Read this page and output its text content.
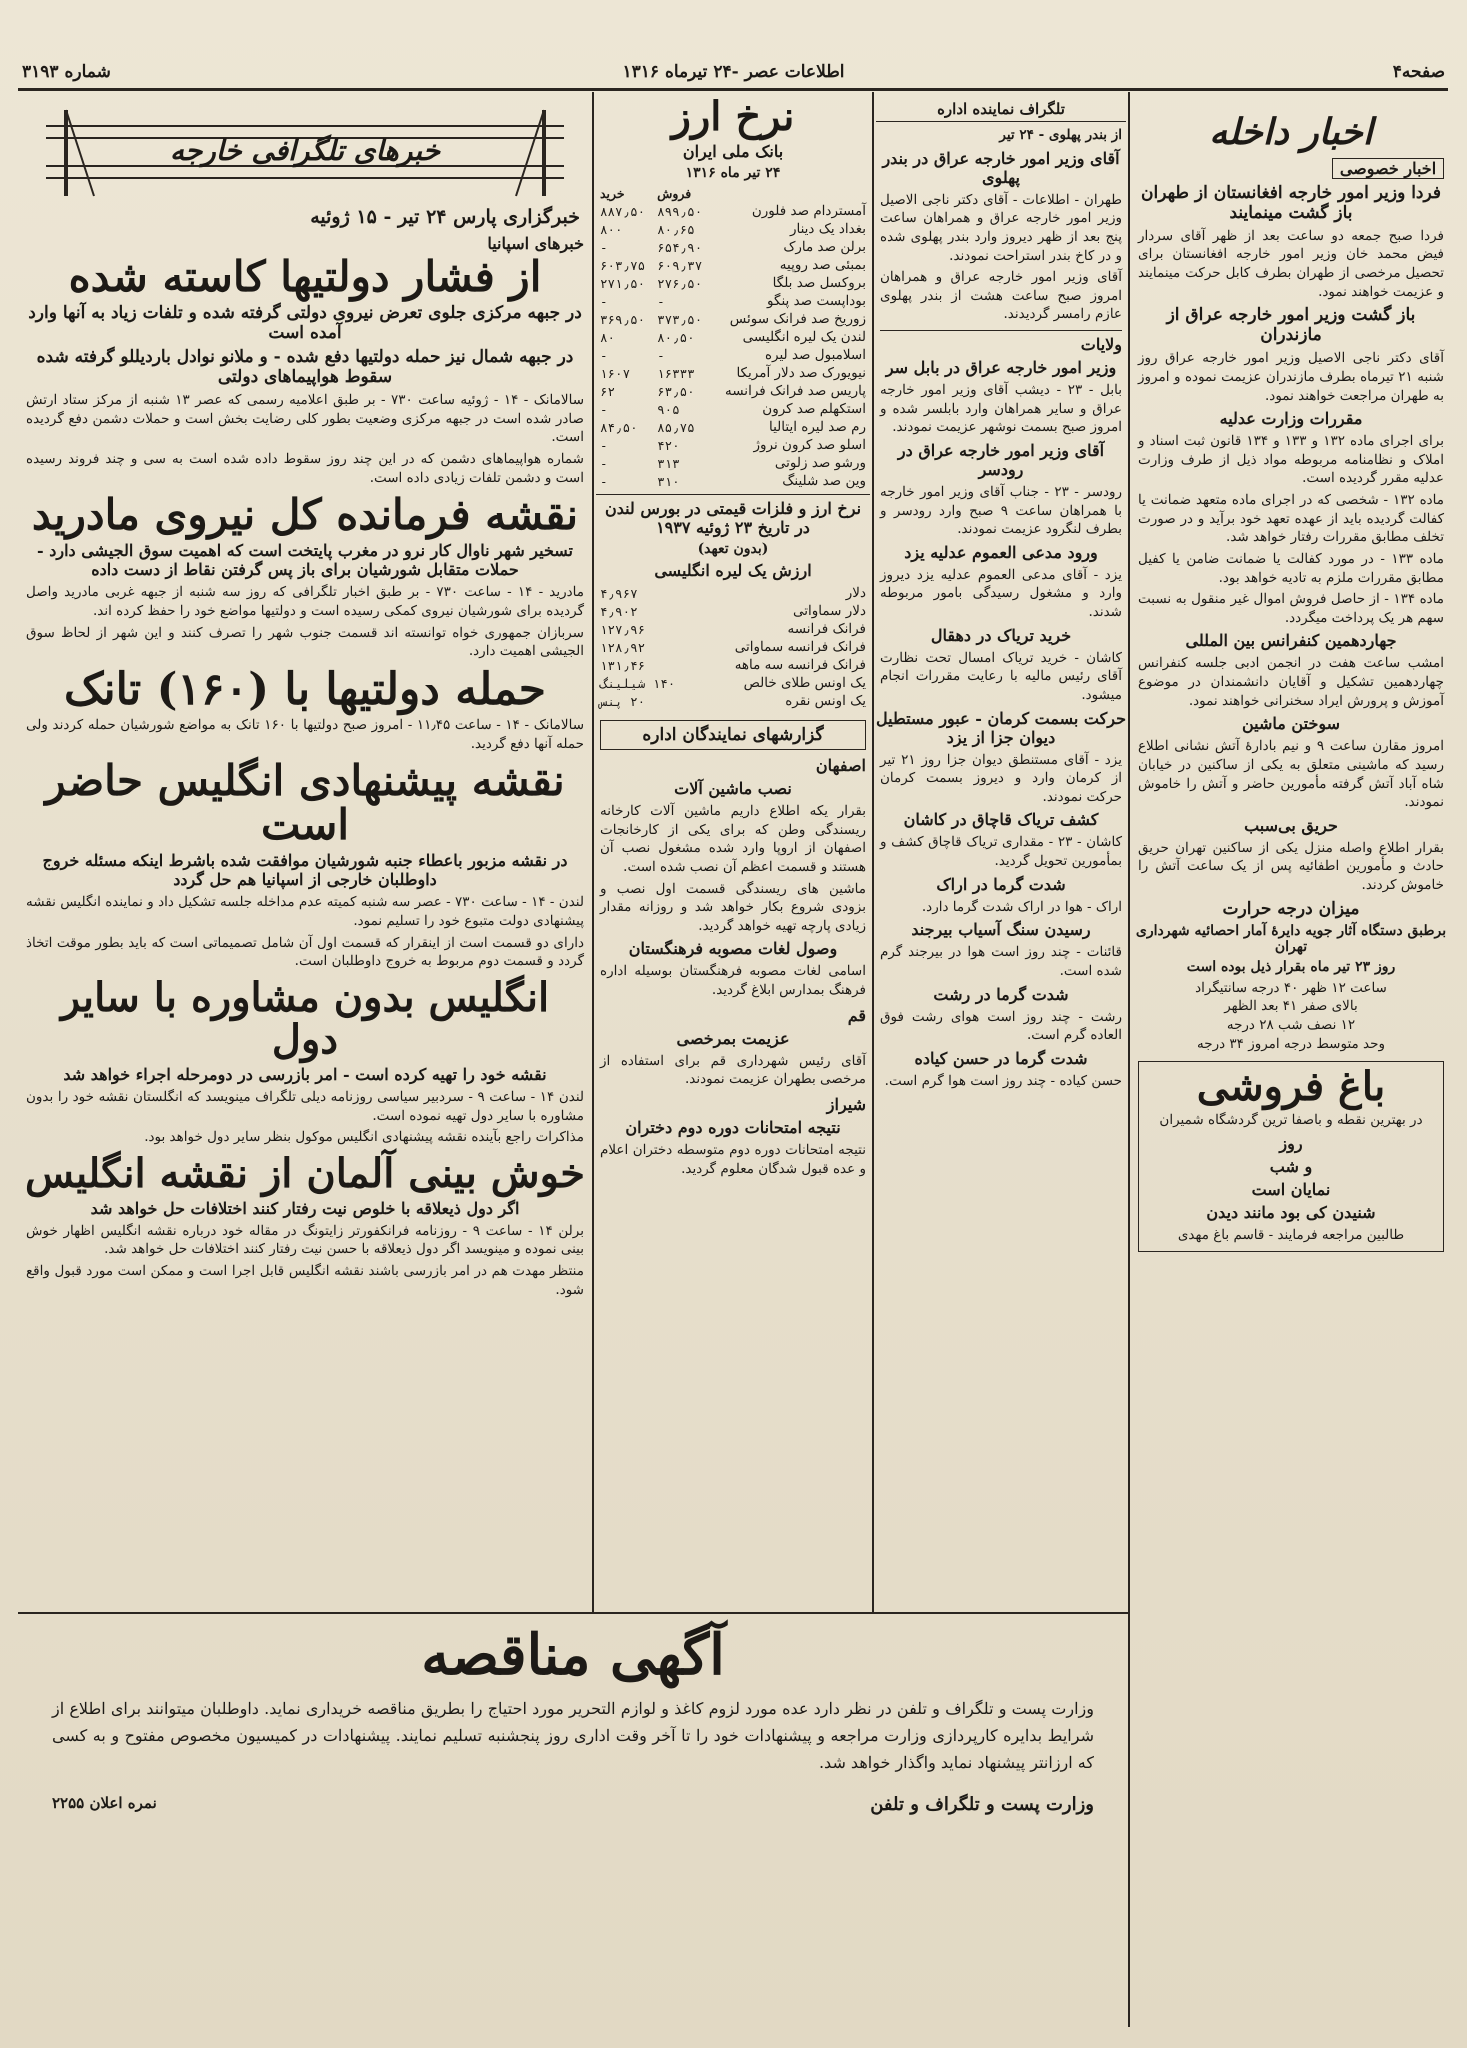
صفحه۴
اطلاعات عصر -۲۴ تیرماه ۱۳۱۶
شماره ۳۱۹۳
اخبار داخله
اخبار خصوصی
فردا وزیر امور خارجه افغانستان از طهران باز گشت مینمایند
فردا صبح جمعه دو ساعت بعد از ظهر آقای سردار فیض محمد خان وزیر امور خارجه افغانستان برای تحصیل مرخصی از طهران بطرف کابل حرکت مینمایند و عزیمت خواهند نمود.
باز گشت وزیر امور خارجه عراق از مازندران
آقای دکتر ناجی الاصیل وزیر امور خارجه عراق روز شنبه ۲۱ تیرماه بطرف مازندران عزیمت نموده و امروز به طهران مراجعت خواهند نمود.
مقررات وزارت عدلیه
برای اجرای ماده ۱۳۲ و ۱۳۳ و ۱۳۴ قانون ثبت اسناد و املاک و نظامنامه مربوطه مواد ذیل از طرف وزارت عدلیه مقرر گردیده است.
ماده ۱۳۲ - شخصی که در اجرای ماده متعهد ضمانت یا کفالت گردیده باید از عهده تعهد خود برآید و در صورت تخلف مطابق مقررات رفتار خواهد شد.
ماده ۱۳۳ - در مورد کفالت یا ضمانت ضامن یا کفیل مطابق مقررات ملزم به تادیه خواهد بود.
ماده ۱۳۴ - از حاصل فروش اموال غیر منقول به نسبت سهم هر یک پرداخت میگردد.
جهاردهمین کنفرانس بین المللی
امشب ساعت هفت در انجمن ادبی جلسه کنفرانس چهاردهمین تشکیل و آقایان دانشمندان در موضوع آموزش و پرورش ایراد سخنرانی خواهند نمود.
سوختن ماشین
امروز مقارن ساعت ۹ و نیم بادارهٔ آتش نشانی اطلاع رسید که ماشینی متعلق به یکی از ساکنین در خیابان شاه آباد آتش گرفته مأمورین حاضر و آتش را خاموش نمودند.
حریق بی‌سبب
بقرار اطلاع واصله منزل یکی از ساکنین تهران حریق حادث و مأمورین اطفائیه پس از یک ساعت آتش را خاموش کردند.
میزان درجه حرارت
برطبق دستگاه آثار جویه دایرهٔ آمار احصائیه شهرداری تهران
روز ۲۳ تیر ماه بقرار ذیل بوده است
ساعت ۱۲ ظهر ۴۰ درجه سانتیگراد
بالای صفر ۴۱ بعد الظهر
۱۲ نصف شب ۲۸ درجه
وحد متوسط درجه امروز ۳۴ درجه
باغ فروشی
در بهترین نقطه و باصفا ترین گردشگاه شمیران
روز
و شب
نمایان است
شنیدن کی بود مانند دیدن
طالبین مراجعه فرمایند - قاسم باغ مهدی
تلگراف نماینده اداره
از بندر پهلوی - ۲۴ تیر
آقای وزیر امور خارجه عراق در بندر پهلوی
طهران - اطلاعات - آقای دکتر ناجی الاصیل وزیر امور خارجه عراق و همراهان ساعت پنج بعد از ظهر دیروز وارد بندر پهلوی شده و در کاخ بندر استراحت نمودند.
آقای وزیر امور خارجه عراق و همراهان امروز صبح ساعت هشت از بندر پهلوی عازم رامسر گردیدند.
ولایات
وزیر امور خارجه عراق در بابل سر
بابل - ۲۳ - دیشب آقای وزیر امور خارجه عراق و سایر همراهان وارد بابلسر شده و امروز صبح بسمت نوشهر عزیمت نمودند.
آقای وزیر امور خارجه عراق در رودسر
رودسر - ۲۳ - جناب آقای وزیر امور خارجه با همراهان ساعت ۹ صبح وارد رودسر و بطرف لنگرود عزیمت نمودند.
ورود مدعی العموم عدلیه یزد
یزد - آقای مدعی العموم عدلیه یزد دیروز وارد و مشغول رسیدگی بامور مربوطه شدند.
خرید تریاک در دهقال
کاشان - خرید تریاک امسال تحت نظارت آقای رئیس مالیه با رعایت مقررات انجام میشود.
حرکت بسمت کرمان - عبور مستطیل دیوان جزا از یزد
یزد - آقای مستنطق دیوان جزا روز ۲۱ تیر از کرمان وارد و دیروز بسمت کرمان حرکت نمودند.
کشف تریاک قاچاق در کاشان
کاشان - ۲۳ - مقداری تریاک قاچاق کشف و بمأمورین تحویل گردید.
شدت گرما در اراک
اراک - هوا در اراک شدت گرما دارد.
رسیدن سنگ آسیاب بیرجند
قائنات - چند روز است هوا در بیرجند گرم شده است.
شدت گرما در رشت
رشت - چند روز است هوای رشت فوق العاده گرم است.
شدت گرما در حسن کیاده
حسن کیاده - چند روز است هوا گرم است.
نرخ ارز
بانک ملی ایران
۲۴ تیر ماه ۱۳۱۶
	فروش	خرید
آمستردام صد فلورن	۸۹۹٫۵۰	۸۸۷٫۵۰
بغداد یک دینار	۸۰٫۶۵	۸۰۰
برلن صد مارک	۶۵۴٫۹۰	-
بمبئی صد روپیه	۶۰۹٫۳۷	۶۰۳٫۷۵
بروکسل صد بلگا	۲۷۶٫۵۰	۲۷۱٫۵۰
بوداپست صد پنگو	-	-
زوریخ صد فرانک سوئس	۳۷۳٫۵۰	۳۶۹٫۵۰
لندن یک لیره انگلیسی	۸۰٫۵۰	۸۰
اسلامبول صد لیره	-	-
نیویورک صد دلار آمریکا	۱۶۳۳۳	۱۶۰۷
پاریس صد فرانک فرانسه	۶۳٫۵۰	۶۲
استکهلم صد کرون	۹۰۵	-
رم صد لیره ایتالیا	۸۵٫۷۵	۸۴٫۵۰
اسلو صد کرون نروژ	۴۲۰	-
ورشو صد زلوتی	۳۱۳	-
وین صد شلینگ	۳۱۰	-
نرخ ارز و فلزات قیمتی در بورس لندن در تاریخ ۲۳ ژوئیه ۱۹۳۷
(بدون تعهد)
ارزش یک لیره انگلیسی
دلار	۴٫۹۶۷
دلار سماواتی	۴٫۹۰۲
فرانک فرانسه	۱۲۷٫۹۶
فرانک فرانسه سماواتی	۱۲۸٫۹۲
فرانک فرانسه سه ماهه	۱۳۱٫۴۶
یک اونس طلای خالص	۱۴۰ شیلینگ
یک اونس نقره	۲۰ پنس
گزارشهای نمایندگان اداره
اصفهان
نصب ماشین آلات
بقرار یکه اطلاع داریم ماشین آلات کارخانه ریسندگی وطن که برای یکی از کارخانجات اصفهان از اروپا وارد شده مشغول نصب آن هستند و قسمت اعظم آن نصب شده است.
ماشین های ریسندگی قسمت اول نصب و بزودی شروع بکار خواهد شد و روزانه مقدار زیادی پارچه تهیه خواهد گردید.
وصول لغات مصوبه فرهنگستان
اسامی لغات مصوبه فرهنگستان بوسیله اداره فرهنگ بمدارس ابلاغ گردید.
قم
عزیمت بمرخصی
آقای رئیس شهرداری قم برای استفاده از مرخصی بطهران عزیمت نمودند.
شیراز
نتیجه امتحانات دوره دوم دختران
نتیجه امتحانات دوره دوم متوسطه دختران اعلام و عده قبول شدگان معلوم گردید.
خبرهای تلگرافی خارجه
خبرگزاری پارس ۲۴ تیر - ۱۵ ژوئیه
خبرهای اسپانیا
از فشار دولتیها کاسته شده
در جبهه مرکزی جلوی تعرض نیروی دولتی گرفته شده و تلفات زیاد به آنها وارد آمده است
در جبهه شمال نیز حمله دولتیها دفع شده - و ملانو نوادل باردیللو گرفته شده سقوط هواپیماهای دولتی
سالامانک - ۱۴ - ژوئیه ساعت ۷۳۰ - بر طبق اعلامیه رسمی که عصر ۱۳ شنبه از مرکز ستاد ارتش صادر شده است در جبهه مرکزی وضعیت بطور کلی رضایت بخش است و حملات دشمن دفع گردیده است.
شماره هواپیماهای دشمن که در این چند روز سقوط داده شده است به سی و چند فروند رسیده است و دشمن تلفات زیادی داده است.
نقشه فرمانده کل نیروی مادرید
تسخیر شهر ناوال کار نرو در مغرب پایتخت است که اهمیت سوق الجیشی دارد - حملات متقابل شورشیان برای باز پس گرفتن نقاط از دست داده
مادرید - ۱۴ - ساعت ۷۳۰ - بر طبق اخبار تلگرافی که روز سه شنبه از جبهه غربی مادرید واصل گردیده برای شورشیان نیروی کمکی رسیده است و دولتیها مواضع خود را حفظ کرده اند.
سربازان جمهوری خواه توانسته اند قسمت جنوب شهر را تصرف کنند و این شهر از لحاظ سوق الجیشی اهمیت دارد.
حمله دولتیها با (۱۶۰) تانک
سالامانک - ۱۴ - ساعت ۱۱٫۴۵ - امروز صبح دولتیها با ۱۶۰ تانک به مواضع شورشیان حمله کردند ولی حمله آنها دفع گردید.
نقشه پیشنهادی انگلیس حاضر است
در نقشه مزبور باعطاء جنبه شورشیان موافقت شده باشرط اینکه مسئله خروج داوطلبان خارجی از اسپانیا هم حل گردد
لندن - ۱۴ - ساعت ۷۳۰ - عصر سه شنبه کمیته عدم مداخله جلسه تشکیل داد و نماینده انگلیس نقشه پیشنهادی دولت متبوع خود را تسلیم نمود.
دارای دو قسمت است از اینقرار که قسمت اول آن شامل تصمیماتی است که باید بطور موقت اتخاذ گردد و قسمت دوم مربوط به خروج داوطلبان است.
انگلیس بدون مشاوره با سایر دول
نقشه خود را تهیه کرده است - امر بازرسی در دومرحله اجراء خواهد شد
لندن ۱۴ - ساعت ۹ - سردبیر سیاسی روزنامه دیلی تلگراف مینویسد که انگلستان نقشه خود را بدون مشاوره با سایر دول تهیه نموده است.
مذاکرات راجع بآینده نقشه پیشنهادی انگلیس موکول بنظر سایر دول خواهد بود.
خوش بینی آلمان از نقشه انگلیس
اگر دول ذیعلاقه با خلوص نیت رفتار کنند اختلافات حل خواهد شد
برلن ۱۴ - ساعت ۹ - روزنامه فرانکفورتر زایتونگ در مقاله خود درباره نقشه انگلیس اظهار خوش بینی نموده و مینویسد اگر دول ذیعلاقه با حسن نیت رفتار کنند اختلافات حل خواهد شد.
منتظر مهدت هم در امر بازرسی باشند نقشه انگلیس قابل اجرا است و ممکن است مورد قبول واقع شود.
آگهی مناقصه
وزارت پست و تلگراف و تلفن در نظر دارد عده مورد لزوم کاغذ و لوازم التحریر مورد احتیاج را بطریق مناقصه خریداری نماید. داوطلبان میتوانند برای اطلاع از شرایط بدایره کارپردازی وزارت مراجعه و پیشنهادات خود را تا آخر وقت اداری روز پنجشنبه تسلیم نمایند. پیشنهادات در کمیسیون مخصوص مفتوح و به کسی که ارزانتر پیشنهاد نماید واگذار خواهد شد.
وزارت پست و تلگراف و تلفن
نمره اعلان ۲۲۵۵
